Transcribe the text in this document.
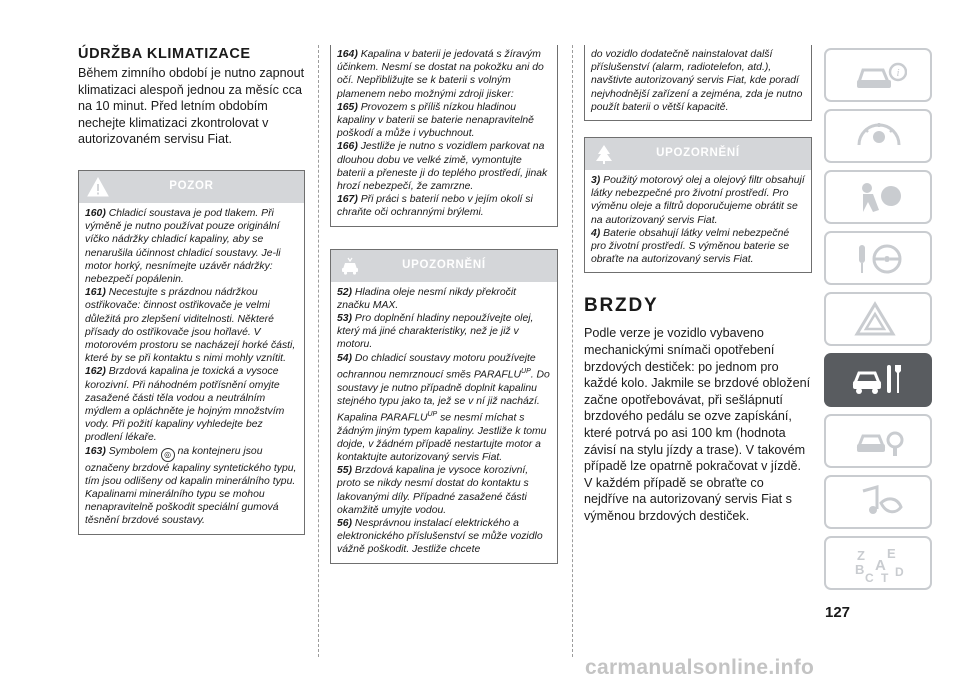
ÚDRŽBA KLIMATIZACE
Během zimního období je nutno zapnout klimatizaci alespoň jednou za měsíc cca na 10 minut. Před letním obdobím nechejte klimatizaci zkontrolovat v autorizovaném servisu Fiat.
POZOR

160) Chladicí soustava je pod tlakem. Při výměně je nutno používat pouze originální víčko nádržky chladicí kapaliny, aby se nenarušila účinnost chladicí soustavy. Je-li motor horký, nesnímejte uzávěr nádržky: nebezpečí popálenin.

161) Necestujte s prázdnou nádržkou ostřikovače: činnost ostřikovače je velmi důležitá pro zlepšení viditelnosti. Některé přísady do ostřikovače jsou hořlavé. V motorovém prostoru se nacházejí horké části, které by se při kontaktu s nimi mohly vznítit.

162) Brzdová kapalina je toxická a vysoce korozivní. Při náhodném potřísnění omyjte zasažené části těla vodou a neutrálním mýdlem a opláchněte je hojným množstvím vody. Při požití kapaliny vyhledejte bez prodlení lékaře.

163) Symbolem ◎ na kontejneru jsou označeny brzdové kapaliny syntetického typu, tím jsou odlišeny od kapalin minerálního typu. Kapalinami minerálního typu se mohou nenapravitelně poškodit speciální gumová těsnění brzdové soustavy.

164) Kapalina v baterii je jedovatá s žíravým účinkem. Nesmí se dostat na pokožku ani do očí. Nepřibližujte se k baterii s volným plamenem nebo možnými zdroji jisker:

165) Provozem s příliš nízkou hladinou kapaliny v baterii se baterie nenapravitelně poškodí a může i vybuchnout.

166) Jestliže je nutno s vozidlem parkovat na dlouhou dobu ve velké zimě, vymontujte baterii a přeneste ji do teplého prostředí, jinak hrozí nebezpečí, že zamrzne.

167) Při práci s baterií nebo v jejím okolí si chraňte oči ochrannými brýlemi.

UPOZORNĚNÍ

52) Hladina oleje nesmí nikdy překročit značku MAX.

53) Pro doplnění hladiny nepoužívejte olej, který má jiné charakteristiky, než je již v motoru.

54) Do chladicí soustavy motoru používejte ochrannou nemrznoucí směs $PARAFLU^{UP}$. Do soustavy je nutno případně doplnit kapalinu stejného typu jako ta, jež se v ní již nachází. Kapalina $PARAFLU^{UP}$ se nesmí míchat s žádným jiným typem kapaliny. Jestliže k tomu dojde, v žádném případě nestartujte motor a kontaktujte autorizovaný servis Fiat.

55) Brzdová kapalina je vysoce korozivní, proto se nikdy nesmí dostat do kontaktu s lakovanými díly. Případné zasažené části okamžitě umyjte vodou.

56) Nesprávnou instalací elektrického a elektronického příslušenství se může vozidlo vážně poškodit. Jestliže chcete

do vozidlo dodatečně nainstalovat další příslušenství (alarm, radiotelefon, atd.), navštivte autorizovaný servis Fiat, kde poradí nejvhodnější zařízení a zejména, zda je nutno použít baterii o větší kapacitě.

UPOZORNĚNÍ

3) Použitý motorový olej a olejový filtr obsahují látky nebezpečné pro životní prostředí. Pro výměnu oleje a filtrů doporučujeme obrátit se na autorizovaný servis Fiat.

4) Baterie obsahují látky velmi nebezpečné pro životní prostředí. S výměnou baterie se obraťte na autorizovaný servis Fiat.

BRZDY
Podle verze je vozidlo vybaveno mechanickými snímači opotřebení brzdových destiček: po jednom pro každé kolo. Jakmile se brzdové obložení začne opotřebovávat, při sešlápnutí brzdového pedálu se ozve zapískání, které potrvá po asi 100 km (hodnota závisí na stylu jízdy a trase). V takovém případě lze opatrně pokračovat v jízdě. V každém případě se obraťte co nejdříve na autorizovaný servis Fiat s výměnou brzdových destiček.
i
Z E
B A
C T D
127
carmanualsonline.info
